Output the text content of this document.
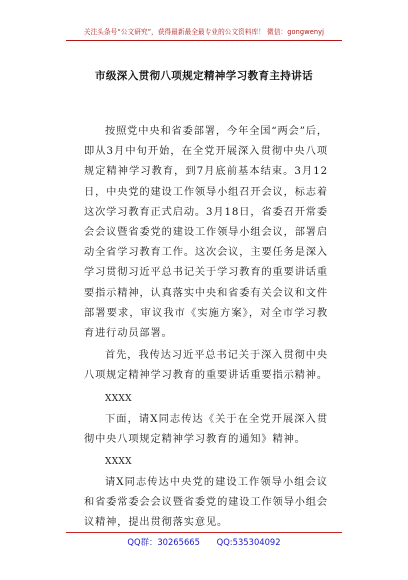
关注头条号“公文研究”，获得最新最全最专业的公文资料库！ 微信：gongwenyj
市级深入贯彻八项规定精神学习教育主持讲话

按照党中央和省委部署，今年全国“两会”后，即从3月中旬开始，在全党开展深入贯彻中央八项规定精神学习教育，到7月底前基本结束。3月12日，中央党的建设工作领导小组召开会议，标志着这次学习教育正式启动。3月18日，省委召开常委会会议暨省委党的建设工作领导小组会议，部署启动全省学习教育工作。这次会议，主要任务是深入学习贯彻习近平总书记关于学习教育的重要讲话重要指示精神，认真落实中央和省委有关会议和文件部署要求，审议我市《实施方案》，对全市学习教育进行动员部署。

首先，我传达习近平总书记关于深入贯彻中央八项规定精神学习教育的重要讲话重要指示精神。

XXXX

下面，请X同志传达《关于在全党开展深入贯彻中央八项规定精神学习教育的通知》精神。

XXXX

请X同志传达中央党的建设工作领导小组会议和省委常委会会议暨省委党的建设工作领导小组会议精神，提出贯彻落实意见。

QQ群：30265665 QQ:535304092
